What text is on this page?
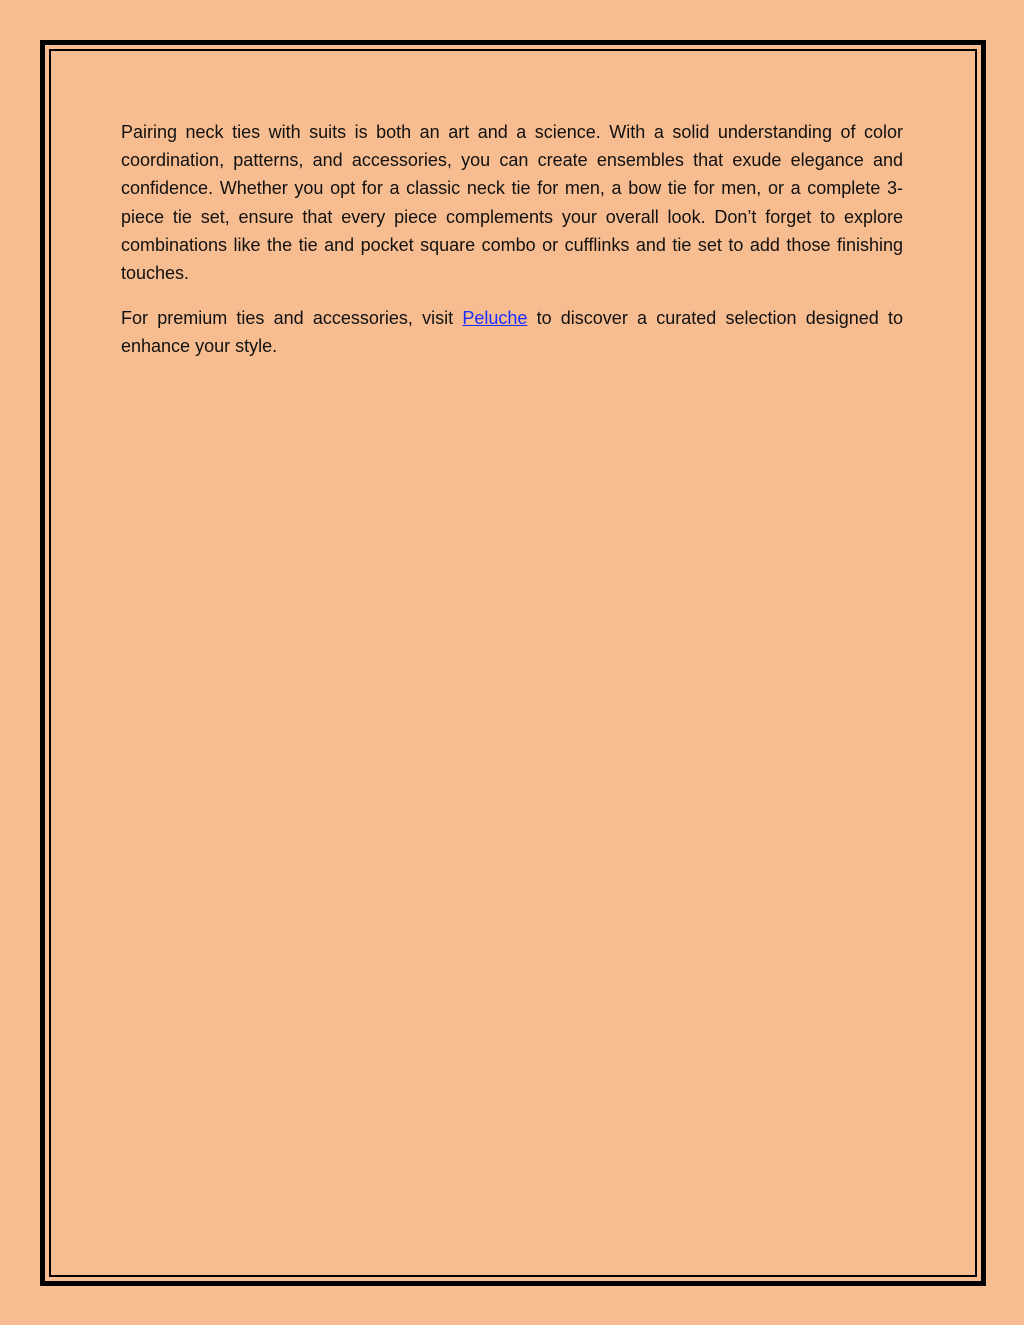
Pairing neck ties with suits is both an art and a science. With a solid understanding of color coordination, patterns, and accessories, you can create ensembles that exude elegance and confidence. Whether you opt for a classic neck tie for men, a bow tie for men, or a complete 3-piece tie set, ensure that every piece complements your overall look. Don’t forget to explore combinations like the tie and pocket square combo or cufflinks and tie set to add those finishing touches.

For premium ties and accessories, visit Peluche to discover a curated selection designed to enhance your style.
